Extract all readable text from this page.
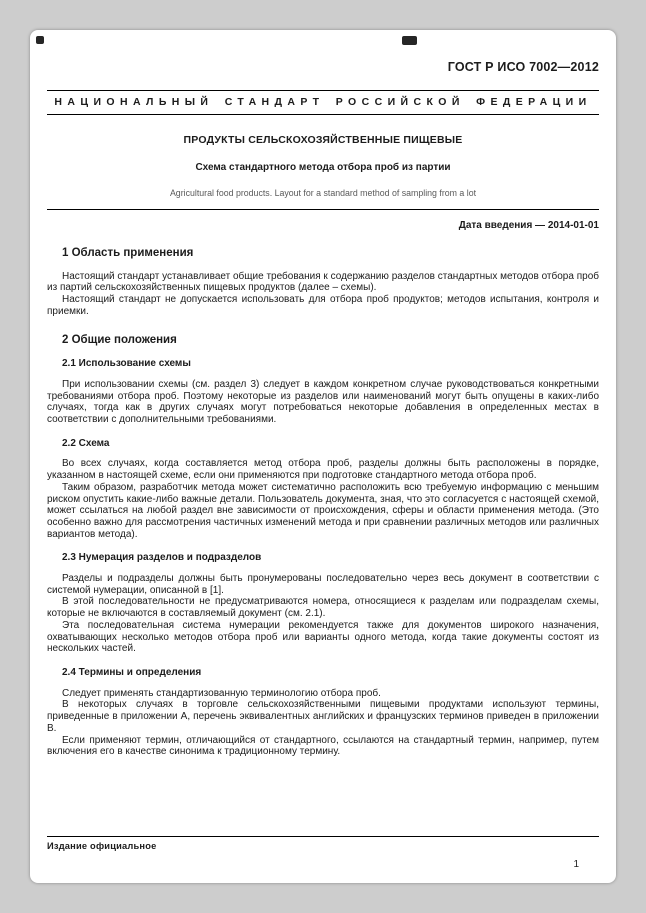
ГОСТ Р ИСО 7002—2012
НАЦИОНАЛЬНЫЙ СТАНДАРТ РОССИЙСКОЙ ФЕДЕРАЦИИ
ПРОДУКТЫ СЕЛЬСКОХОЗЯЙСТВЕННЫЕ ПИЩЕВЫЕ
Схема стандартного метода отбора проб из партии
Agricultural food products. Layout for a standard method of sampling from a lot
Дата введения — 2014-01-01
1 Область применения

Настоящий стандарт устанавливает общие требования к содержанию разделов стандартных методов отбора проб из партий сельскохозяйственных пищевых продуктов (далее – схемы).

Настоящий стандарт не допускается использовать для отбора проб продуктов; методов испытания, контроля и приемки.

2 Общие положения
2.1 Использование схемы

При использовании схемы (см. раздел 3) следует в каждом конкретном случае руководствоваться конкретными требованиями отбора проб. Поэтому некоторые из разделов или наименований могут быть опущены в каких-либо случаях, тогда как в других случаях могут потребоваться некоторые добавления в определенных местах в соответствии с дополнительными требованиями.

2.2 Схема

Во всех случаях, когда составляется метод отбора проб, разделы должны быть расположены в порядке, указанном в настоящей схеме, если они применяются при подготовке стандартного метода отбора проб.

Таким образом, разработчик метода может систематично расположить всю требуемую информацию с меньшим риском опустить какие-либо важные детали. Пользователь документа, зная, что это согласуется с настоящей схемой, может ссылаться на любой раздел вне зависимости от происхождения, сферы и области применения метода. (Это особенно важно для рассмотрения частичных изменений метода и при сравнении различных методов или различных вариантов метода).

2.3 Нумерация разделов и подразделов

Разделы и подразделы должны быть пронумерованы последовательно через весь документ в соответствии с системой нумерации, описанной в [1].

В этой последовательности не предусматриваются номера, относящиеся к разделам или подразделам схемы, которые не включаются в составляемый документ (см. 2.1).

Эта последовательная система нумерации рекомендуется также для документов широкого назначения, охватывающих несколько методов отбора проб или варианты одного метода, когда такие документы состоят из нескольких частей.

2.4 Термины и определения

Следует применять стандартизованную терминологию отбора проб.

В некоторых случаях в торговле сельскохозяйственными пищевыми продуктами используют термины, приведенные в приложении А, перечень эквивалентных английских и французских терминов приведен в приложении В.

Если применяют термин, отличающийся от стандартного, ссылаются на стандартный термин, например, путем включения его в качестве синонима к традиционному термину.

Издание официальное
1
